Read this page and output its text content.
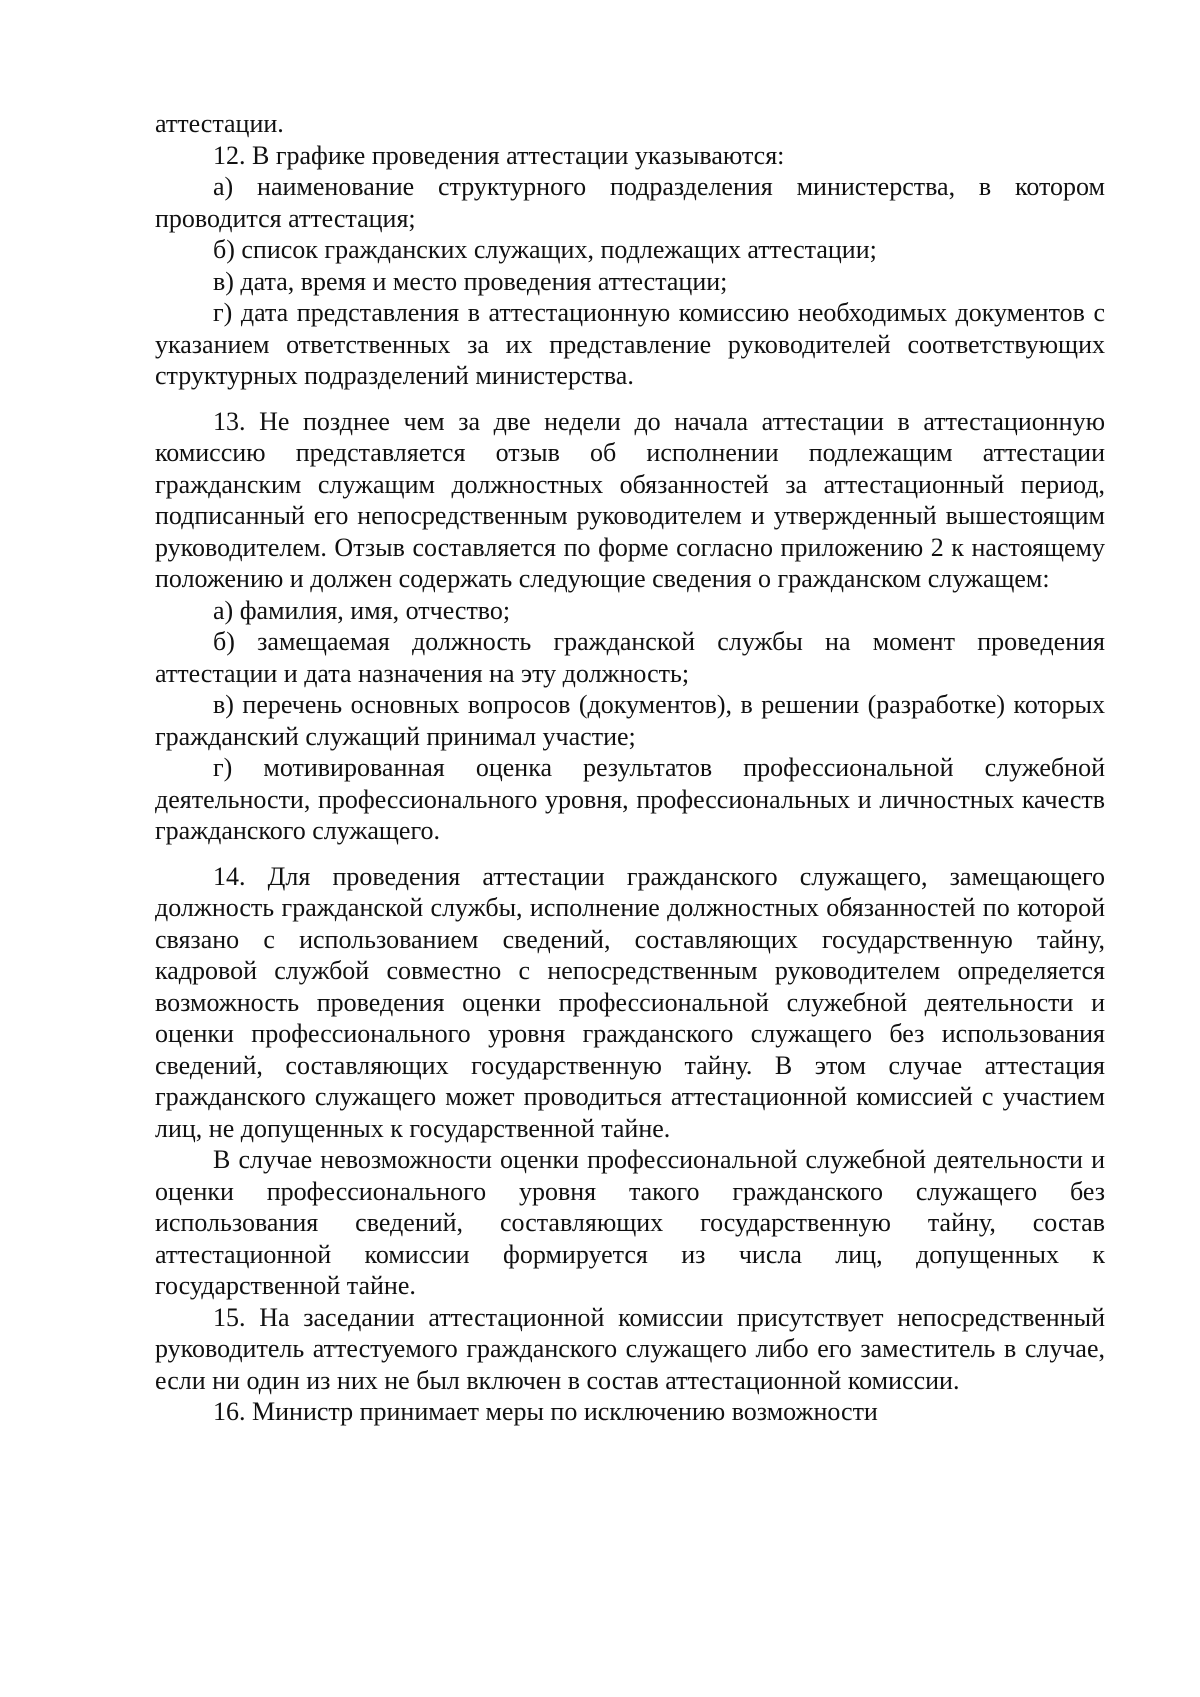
аттестации.

12. В графике проведения аттестации указываются:

а) наименование структурного подразделения министерства, в котором проводится аттестация;

б) список гражданских служащих, подлежащих аттестации;

в) дата, время и место проведения аттестации;

г) дата представления в аттестационную комиссию необходимых документов с указанием ответственных за их представление руководителей соответствующих структурных подразделений министерства.

13. Не позднее чем за две недели до начала аттестации в аттестационную комиссию представляется отзыв об исполнении подлежащим аттестации гражданским служащим должностных обязанностей за аттестационный период, подписанный его непосредственным руководителем и утвержденный вышестоящим руководителем. Отзыв составляется по форме согласно приложению 2 к настоящему положению и должен содержать следующие сведения о гражданском служащем:

а) фамилия, имя, отчество;

б) замещаемая должность гражданской службы на момент проведения аттестации и дата назначения на эту должность;

в) перечень основных вопросов (документов), в решении (разработке) которых гражданский служащий принимал участие;

г) мотивированная оценка результатов профессиональной служебной деятельности, профессионального уровня, профессиональных и личностных качеств гражданского служащего.

14. Для проведения аттестации гражданского служащего, замещающего должность гражданской службы, исполнение должностных обязанностей по которой связано с использованием сведений, составляющих государственную тайну, кадровой службой совместно с непосредственным руководителем определяется возможность проведения оценки профессиональной служебной деятельности и оценки профессионального уровня гражданского служащего без использования сведений, составляющих государственную тайну. В этом случае аттестация гражданского служащего может проводиться аттестационной комиссией с участием лиц, не допущенных к государственной тайне.

В случае невозможности оценки профессиональной служебной деятельности и оценки профессионального уровня такого гражданского служащего без использования сведений, составляющих государственную тайну, состав аттестационной комиссии формируется из числа лиц, допущенных к государственной тайне.

15. На заседании аттестационной комиссии присутствует непосредственный руководитель аттестуемого гражданского служащего либо его заместитель в случае, если ни один из них не был включен в состав аттестационной комиссии.

16. Министр принимает меры по исключению возможности
